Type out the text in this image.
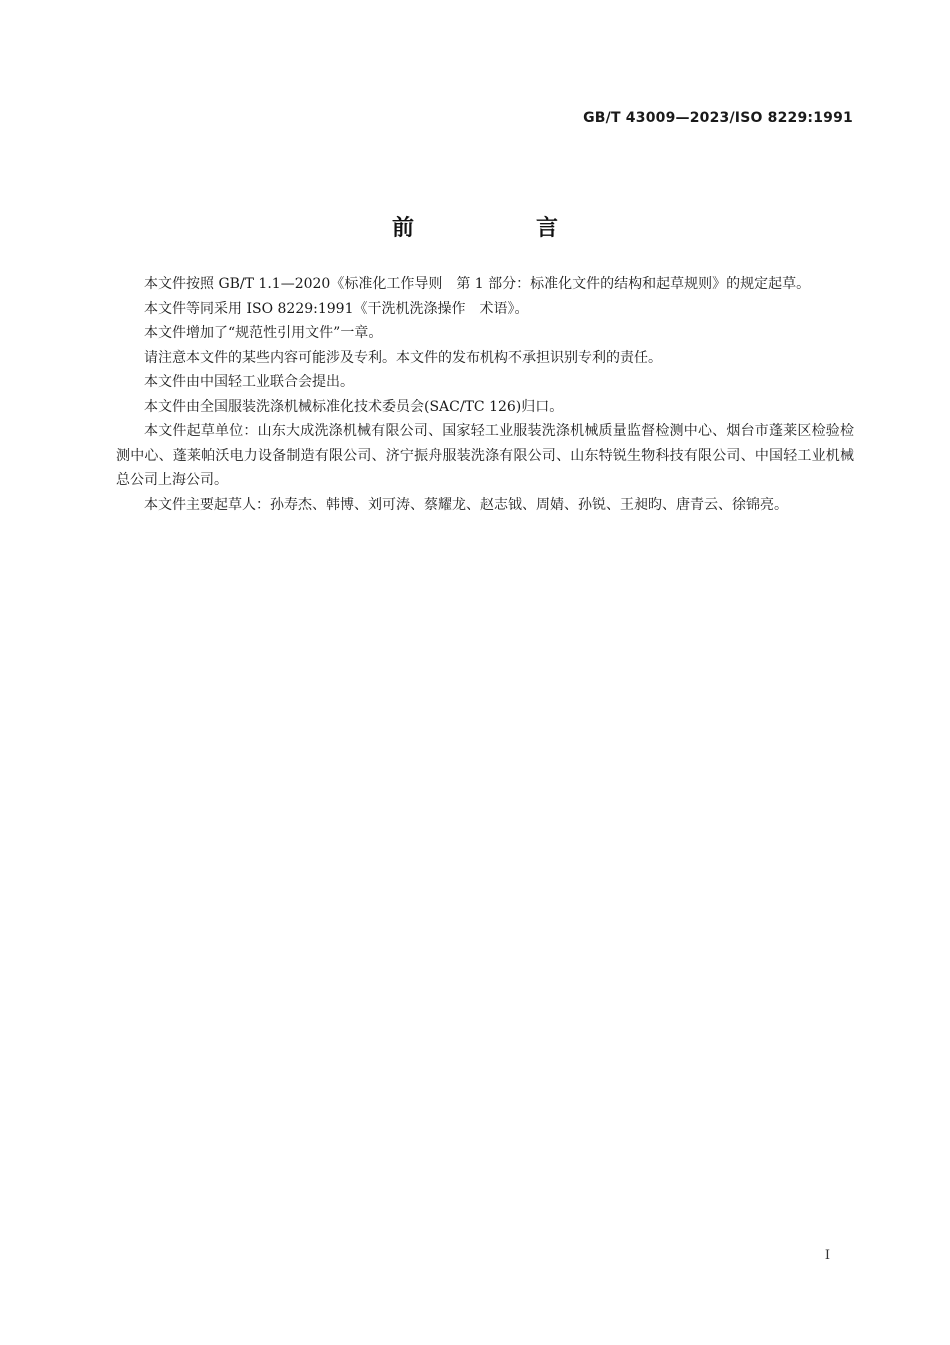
GB/T 43009—2023/ISO 8229:1991
前　言

本文件按照 GB/T 1.1—2020《标准化工作导则　第 1 部分：标准化文件的结构和起草规则》的规定起草。

本文件等同采用 ISO 8229:1991《干洗机洗涤操作　术语》。

本文件增加了“规范性引用文件”一章。

请注意本文件的某些内容可能涉及专利。本文件的发布机构不承担识别专利的责任。

本文件由中国轻工业联合会提出。

本文件由全国服装洗涤机械标准化技术委员会(SAC/TC 126)归口。

本文件起草单位：山东大成洗涤机械有限公司、国家轻工业服装洗涤机械质量监督检测中心、烟台市蓬莱区检验检测中心、蓬莱帕沃电力设备制造有限公司、济宁振舟服装洗涤有限公司、山东特锐生物科技有限公司、中国轻工业机械总公司上海公司。

本文件主要起草人：孙寿杰、韩博、刘可涛、蔡耀龙、赵志钺、周婧、孙锐、王昶昀、唐青云、徐锦亮。

I
